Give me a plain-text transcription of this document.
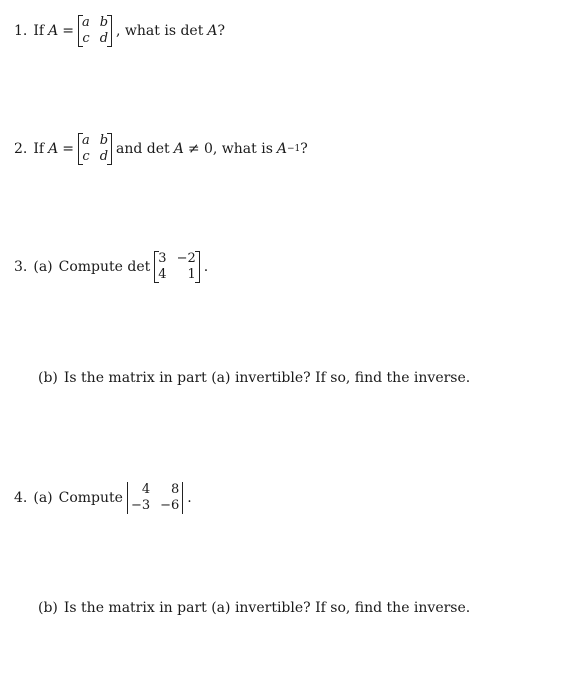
1. If A =
a b
c d , what is det A ?
2. If A =
a b
c d and det A ≠ 0, what is A −1 ?
3. (a) Compute det
3 −2
4	1 .
(b) Is the matrix in part (a) invertible? If so, find the inverse.
4. (a) Compute
4	8
−3 −6 .
(b) Is the matrix in part (a) invertible? If so, find the inverse.
